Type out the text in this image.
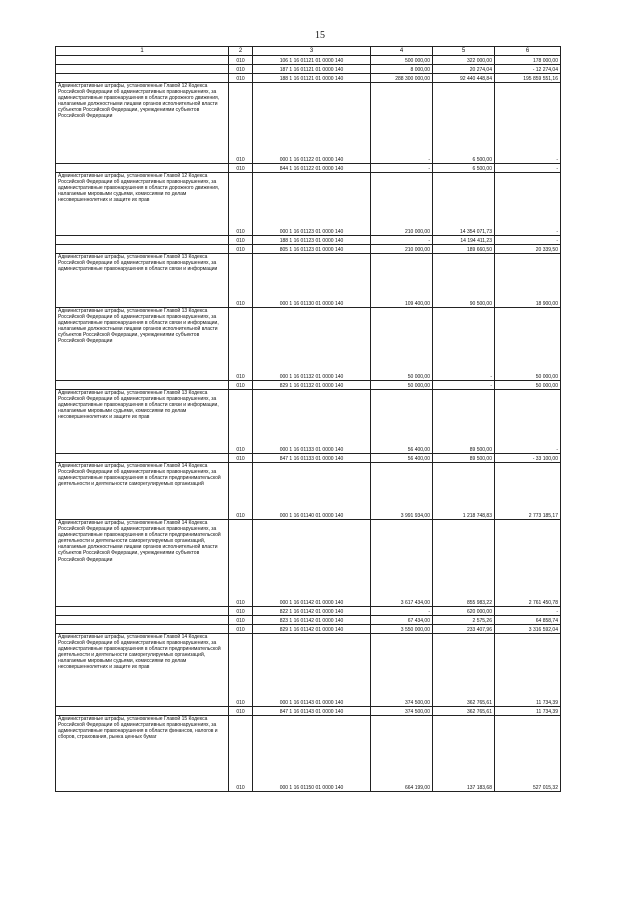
15
1	2	3	4	5	6
	010	106 1 16 01121 01 0000 140	500 000,00	322 000,00	178 000,00
	010	187 1 16 01121 01 0000 140	8 000,00	20 274,04	- 12 274,04
	010	188 1 16 01121 01 0000 140	288 300 000,00	92 440 448,84	195 859 551,16
Административные штрафы, установленные Главой 12 Кодекса Российской Федерации об административных правонарушениях, за административные правонарушения в области дорожного движения, налагаемые должностными лицами органов исполнительной власти субъектов Российской Федерации, учреждениями субъектов Российской Федерации	010	000 1 16 01122 01 0000 140	-	6 500,00	-
	010	844 1 16 01122 01 0000 140	-	6 500,00	-
Административные штрафы, установленные Главой 12 Кодекса Российской Федерации об административных правонарушениях, за административные правонарушения в области дорожного движения, налагаемые мировыми судьями, комиссиями по делам несовершеннолетних и защите их прав	010	000 1 16 01123 01 0000 140	210 000,00	14 354 071,73	-
	010	188 1 16 01123 01 0000 140	-	14 194 411,23	-
	010	805 1 16 01123 01 0000 140	210 000,00	189 660,50	20 339,50
Административные штрафы, установленные Главой 13 Кодекса Российской Федерации об административных правонарушениях, за административные правонарушения в области связи и информации	010	000 1 16 01130 01 0000 140	109 400,00	90 500,00	18 900,00
Административные штрафы, установленные Главой 13 Кодекса Российской Федерации об административных правонарушениях, за административные правонарушения в области связи и информации, налагаемые должностными лицами органов исполнительной власти субъектов Российской Федерации, учреждениями субъектов Российской Федерации	010	000 1 16 01132 01 0000 140	50 000,00	-	50 000,00
	010	829 1 16 01132 01 0000 140	50 000,00	-	50 000,00
Административные штрафы, установленные Главой 13 Кодекса Российской Федерации об административных правонарушениях, за административные правонарушения в области связи и информации, налагаемые мировыми судьями, комиссиями по делам несовершеннолетних и защите их прав	010	000 1 16 01133 01 0000 140	56 400,00	89 500,00	-
	010	847 1 16 01133 01 0000 140	56 400,00	89 500,00	- 33 100,00
Административные штрафы, установленные Главой 14 Кодекса Российской Федерации об административных правонарушениях, за административные правонарушения в области предпринимательской деятельности и деятельности саморегулируемых организаций	010	000 1 16 01140 01 0000 140	3 991 934,00	1 218 748,83	2 773 185,17
Административные штрафы, установленные Главой 14 Кодекса Российской Федерации об административных правонарушениях, за административные правонарушения в области предпринимательской деятельности и деятельности саморегулируемых организаций, налагаемые должностными лицами органов исполнительной власти субъектов Российской Федерации, учреждениями субъектов Российской Федерации	010	000 1 16 01142 01 0000 140	3 617 434,00	855 983,22	2 761 450,78
	010	822 1 16 01142 01 0000 140	-	620 000,00	-
	010	823 1 16 01142 01 0000 140	67 434,00	2 575,26	64 858,74
	010	829 1 16 01142 01 0000 140	3 550 000,00	233 407,96	3 316 592,04
Административные штрафы, установленные Главой 14 Кодекса Российской Федерации об административных правонарушениях, за административные правонарушения в области предпринимательской деятельности и деятельности саморегулируемых организаций, налагаемые мировыми судьями, комиссиями по делам несовершеннолетних и защите их прав	010	000 1 16 01143 01 0000 140	374 500,00	362 765,61	11 734,39
	010	847 1 16 01143 01 0000 140	374 500,00	362 765,61	11 734,39
Административные штрафы, установленные Главой 15 Кодекса Российской Федерации об административных правонарушениях, за административные правонарушения в области финансов, налогов и сборов, страхования, рынка ценных бумаг	010	000 1 16 01150 01 0000 140	664 199,00	137 183,68	527 015,32
